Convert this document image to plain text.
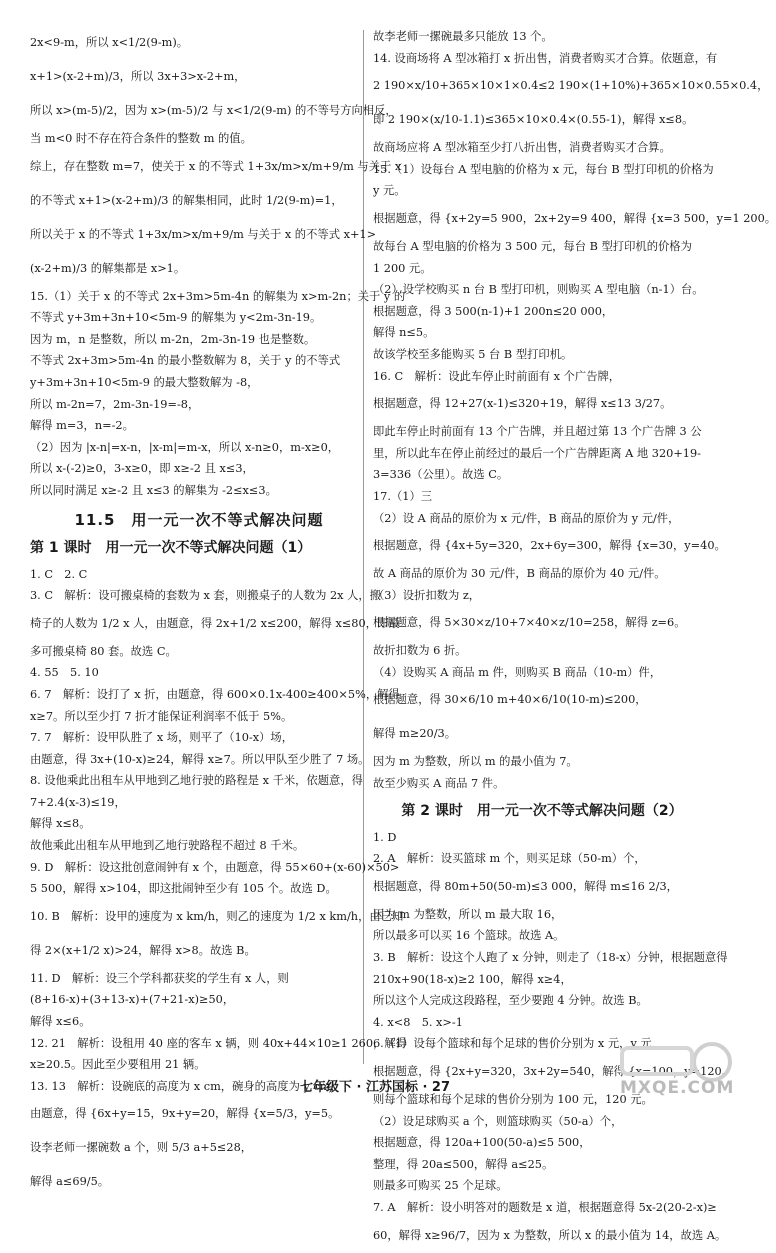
2x<9-m，所以 x<1/2(9-m)。
x+1>(x-2+m)/3，所以 3x+3>x-2+m，
所以 x>(m-5)/2，因为 x>(m-5)/2 与 x<1/2(9-m) 的不等号方向相反，
当 m<0 时不存在符合条件的整数 m 的值。
综上，存在整数 m=7，使关于 x 的不等式 1+3x/m>x/m+9/m 与关于 x
的不等式 x+1>(x-2+m)/3 的解集相同，此时 1/2(9-m)=1，
所以关于 x 的不等式 1+3x/m>x/m+9/m 与关于 x 的不等式 x+1>
(x-2+m)/3 的解集都是 x>1。
15.（1）关于 x 的不等式 2x+3m>5m-4n 的解集为 x>m-2n；关于 y 的
不等式 y+3m+3n+10<5m-9 的解集为 y<2m-3n-19。
因为 m，n 是整数，所以 m-2n，2m-3n-19 也是整数。
不等式 2x+3m>5m-4n 的最小整数解为 8，关于 y 的不等式
y+3m+3n+10<5m-9 的最大整数解为 -8，
所以 m-2n=7，2m-3n-19=-8，
解得 m=3，n=-2。
（2）因为 |x-n|=x-n，|x-m|=m-x，所以 x-n≥0，m-x≥0，
所以 x-(-2)≥0，3-x≥0，即 x≥-2 且 x≤3，
所以同时满足 x≥-2 且 x≤3 的解集为 -2≤x≤3。
11.5　用一元一次不等式解决问题
第 1 课时　用一元一次不等式解决问题（1）
1. C　2. C
3. C　解析：设可搬桌椅的套数为 x 套，则搬桌子的人数为 2x 人，搬
椅子的人数为 1/2 x 人，由题意，得 2x+1/2 x≤200，解得 x≤80，即最
多可搬桌椅 80 套。故选 C。
4. 55　5. 10
6. 7　解析：设打了 x 折，由题意，得 600×0.1x-400≥400×5%，解得
x≥7。所以至少打 7 折才能保证利润率不低于 5%。
7. 7　解析：设甲队胜了 x 场，则平了（10-x）场，
由题意，得 3x+(10-x)≥24，解得 x≥7。所以甲队至少胜了 7 场。
8. 设他乘此出租车从甲地到乙地行驶的路程是 x 千米，依题意，得
7+2.4(x-3)≤19，
解得 x≤8。
故他乘此出租车从甲地到乙地行驶路程不超过 8 千米。
9. D　解析：设这批创意闹钟有 x 个，由题意，得 55×60+(x-60)×50>
5 500，解得 x>104，即这批闹钟至少有 105 个。故选 D。
10. B　解析：设甲的速度为 x km/h，则乙的速度为 1/2 x km/h，由已知
得 2×(x+1/2 x)>24，解得 x>8。故选 B。
11. D　解析：设三个学科都获奖的学生有 x 人，则
(8+16-x)+(3+13-x)+(7+21-x)≥50，
解得 x≤6。
12. 21　解析：设租用 40 座的客车 x 辆，则 40x+44×10≥1 260，解得
x≥20.5。因此至少要租用 21 辆。
13. 13　解析：设碗底的高度为 x cm，碗身的高度为 y cm，
由题意，得 {6x+y=15，9x+y=20，解得 {x=5/3，y=5。
设李老师一摞碗数 a 个，则 5/3 a+5≤28，
解得 a≤69/5。
故李老师一摞碗最多只能放 13 个。
14. 设商场将 A 型冰箱打 x 折出售，消费者购买才合算。依题意，有
2 190×x/10+365×10×1×0.4≤2 190×(1+10%)+365×10×0.55×0.4，
即 2 190×(x/10-1.1)≤365×10×0.4×(0.55-1)，解得 x≤8。
故商场应将 A 型冰箱至少打八折出售，消费者购买才合算。
15.（1）设每台 A 型电脑的价格为 x 元，每台 B 型打印机的价格为
y 元。
根据题意，得 {x+2y=5 900，2x+2y=9 400，解得 {x=3 500，y=1 200。
故每台 A 型电脑的价格为 3 500 元，每台 B 型打印机的价格为
1 200 元。
（2）设学校购买 n 台 B 型打印机，则购买 A 型电脑（n-1）台。
根据题意，得 3 500(n-1)+1 200n≤20 000，
解得 n≤5。
故该学校至多能购买 5 台 B 型打印机。
16. C　解析：设此车停止时前面有 x 个广告牌，
根据题意，得 12+27(x-1)≤320+19，解得 x≤13 3/27。
即此车停止时前面有 13 个广告牌，并且超过第 13 个广告牌 3 公
里，所以此车在停止前经过的最后一个广告牌距离 A 地 320+19-
3=336（公里）。故选 C。
17.（1）三
（2）设 A 商品的原价为 x 元/件，B 商品的原价为 y 元/件，
根据题意，得 {4x+5y=320，2x+6y=300，解得 {x=30，y=40。
故 A 商品的原价为 30 元/件，B 商品的原价为 40 元/件。
（3）设折扣数为 z，
根据题意，得 5×30×z/10+7×40×z/10=258，解得 z=6。
故折扣数为 6 折。
（4）设购买 A 商品 m 件，则购买 B 商品（10-m）件，
根据题意，得 30×6/10 m+40×6/10(10-m)≤200，
解得 m≥20/3。
因为 m 为整数，所以 m 的最小值为 7。
故至少购买 A 商品 7 件。
第 2 课时　用一元一次不等式解决问题（2）
1. D
2. A　解析：设买篮球 m 个，则买足球（50-m）个，
根据题意，得 80m+50(50-m)≤3 000，解得 m≤16 2/3，
因为 m 为整数，所以 m 最大取 16，
所以最多可以买 16 个篮球。故选 A。
3. B　解析：设这个人跑了 x 分钟，则走了（18-x）分钟，根据题意得
210x+90(18-x)≥2 100，解得 x≥4，
所以这个人完成这段路程，至少要跑 4 分钟。故选 B。
4. x<8　5. x>-1
6.（1）设每个篮球和每个足球的售价分别为 x 元，y 元，
根据题意，得 {2x+y=320，3x+2y=540，解得 {x=100，y=120。
则每个篮球和每个足球的售价分别为 100 元，120 元。
（2）设足球购买 a 个，则篮球购买（50-a）个，
根据题意，得 120a+100(50-a)≤5 500，
整理，得 20a≤500，解得 a≤25。
则最多可购买 25 个足球。
7. A　解析：设小明答对的题数是 x 道，根据题意得 5x-2(20-2-x)≥
60，解得 x≥96/7，因为 x 为整数，所以 x 的最小值为 14，故选 A。
七年级下 · 江苏国标 · 27	MXQE.COM
